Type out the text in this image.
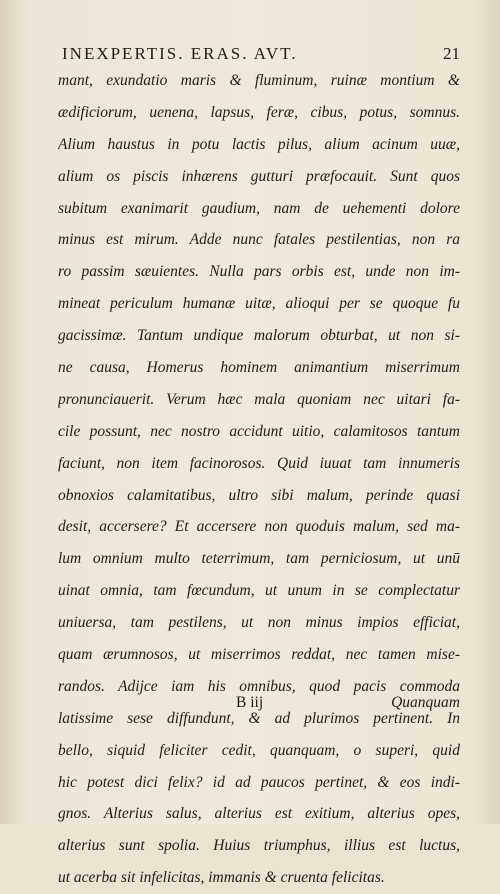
INEXPERTIS. ERAS. AVT.	21
mant, exundatio maris & fluminum, ruinæ montium &
ædificiorum, uenena, lapsus, feræ, cibus, potus, somnus.
Alium haustus in potu lactis pilus, alium acinum uuæ,
alium os piscis inhærens gutturi præfocauit. Sunt quos
subitum exanimarit gaudium, nam de uehementi dolore
minus est mirum. Adde nunc fatales pestilentias, non ra
ro passim sæuientes. Nulla pars orbis est, unde non im-
mineat periculum humanæ uitæ, alioqui per se quoque fu
gacissimæ. Tantum undique malorum obturbat, ut non si-
ne causa, Homerus hominem animantium miserrimum
pronunciauerit. Verum hæc mala quoniam nec uitari fa-
cile possunt, nec nostro accidunt uitio, calamitosos tantum
faciunt, non item facinorosos. Quid iuuat tam innumeris
obnoxios calamitatibus, ultro sibi malum, perinde quasi
desit, accersere? Et accersere non quoduis malum, sed ma-
lum omnium multo teterrimum, tam perniciosum, ut unū
uinat omnia, tam fœcundum, ut unum in se complectatur
uniuersa, tam pestilens, ut non minus impios efficiat,
quam ærumnosos, ut miserrimos reddat, nec tamen mise-
randos. Adijce iam his omnibus, quod pacis commoda
latissime sese diffundunt, & ad plurimos pertinent. In
bello, siquid feliciter cedit, quanquam, o superi, quid
hic potest dici felix? id ad paucos pertinet, & eos indi-
gnos. Alterius salus, alterius est exitium, alterius opes,
alterius sunt spolia. Huius triumphus, illius est luctus,
ut acerba sit infelicitas, immanis & cruenta felicitas.
B iij	Quanquam
